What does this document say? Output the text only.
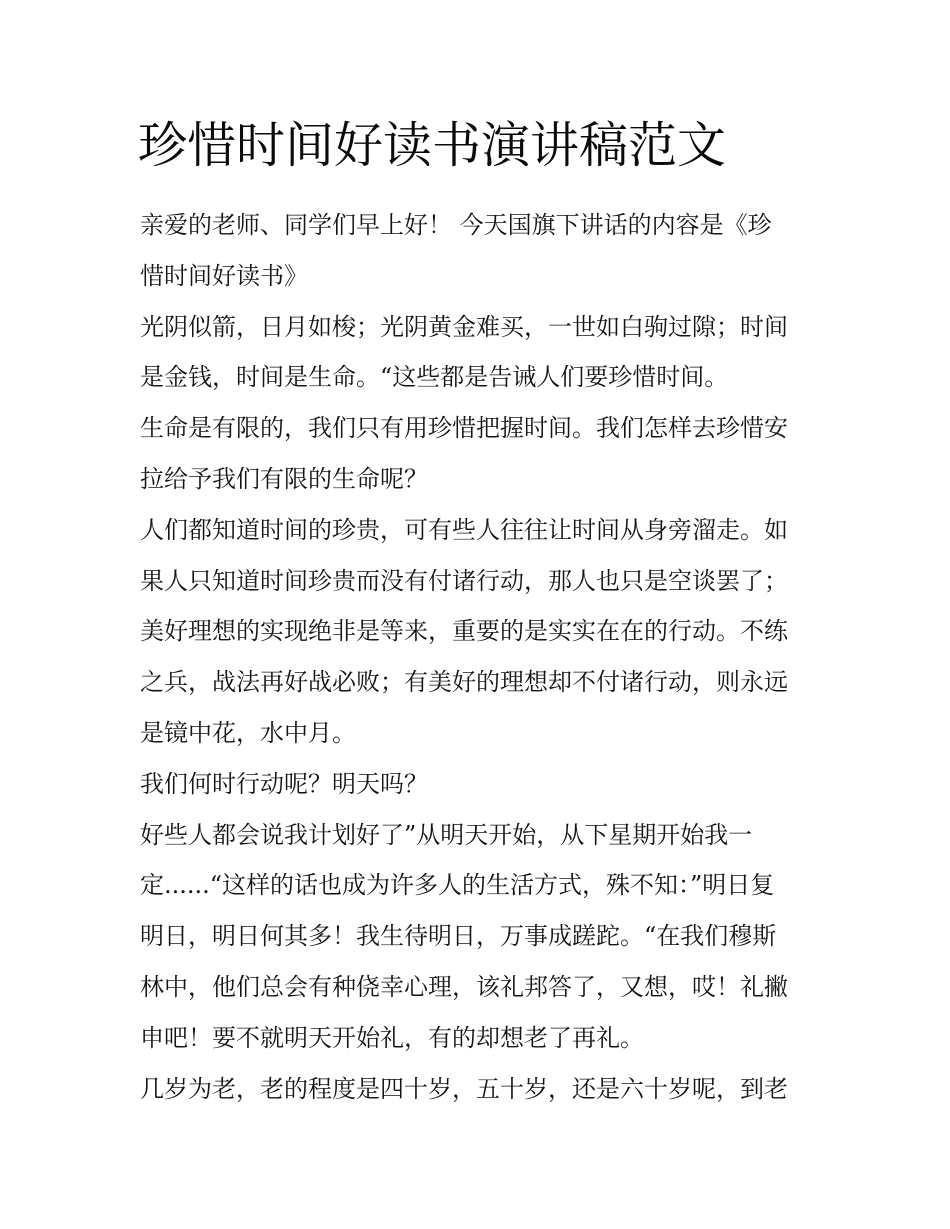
珍惜时间好读书演讲稿范文
亲爱的老师、同学们早上好！ 今天国旗下讲话的内容是《珍
惜时间好读书》
光阴似箭，日月如梭；光阴黄金难买，一世如白驹过隙；时间
是金钱，时间是生命。“这些都是告诫人们要珍惜时间。
生命是有限的，我们只有用珍惜把握时间。我们怎样去珍惜安
拉给予我们有限的生命呢？
人们都知道时间的珍贵，可有些人往往让时间从身旁溜走。如
果人只知道时间珍贵而没有付诸行动，那人也只是空谈罢了；
美好理想的实现绝非是等来，重要的是实实在在的行动。不练
之兵，战法再好战必败；有美好的理想却不付诸行动，则永远
是镜中花，水中月。
我们何时行动呢？明天吗？
好些人都会说我计划好了”从明天开始，从下星期开始我一
定......“这样的话也成为许多人的生活方式，殊不知：”明日复
明日，明日何其多！我生待明日，万事成蹉跎。“在我们穆斯
林中，他们总会有种侥幸心理，该礼邦答了，又想，哎！礼撇
申吧！要不就明天开始礼，有的却想老了再礼。
几岁为老，老的程度是四十岁，五十岁，还是六十岁呢，到老
